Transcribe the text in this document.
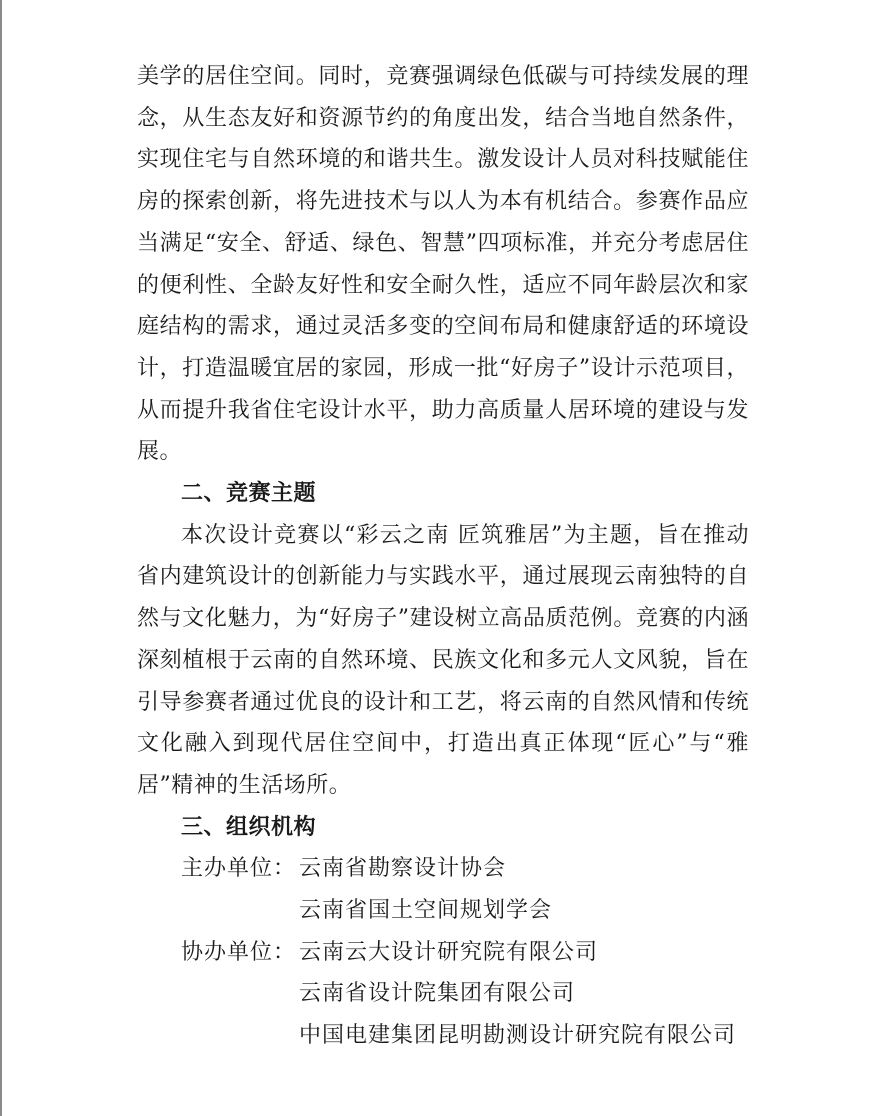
美学的居住空间。同时，竞赛强调绿色低碳与可持续发展的理念，从生态友好和资源节约的角度出发，结合当地自然条件，实现住宅与自然环境的和谐共生。激发设计人员对科技赋能住房的探索创新，将先进技术与以人为本有机结合。参赛作品应当满足“安全、舒适、绿色、智慧”四项标准，并充分考虑居住的便利性、全龄友好性和安全耐久性，适应不同年龄层次和家庭结构的需求，通过灵活多变的空间布局和健康舒适的环境设计，打造温暖宜居的家园，形成一批“好房子”设计示范项目，从而提升我省住宅设计水平，助力高质量人居环境的建设与发展。

二、竞赛主题

本次设计竞赛以“彩云之南 匠筑雅居”为主题，旨在推动省内建筑设计的创新能力与实践水平，通过展现云南独特的自然与文化魅力，为“好房子”建设树立高品质范例。竞赛的内涵深刻植根于云南的自然环境、民族文化和多元人文风貌，旨在引导参赛者通过优良的设计和工艺，将云南的自然风情和传统文化融入到现代居住空间中，打造出真正体现“匠心”与“雅居”精神的生活场所。

三、组织机构
主办单位： 云南省勘察设计协会
云南省国土空间规划学会
协办单位： 云南云大设计研究院有限公司
云南省设计院集团有限公司
中国电建集团昆明勘测设计研究院有限公司
